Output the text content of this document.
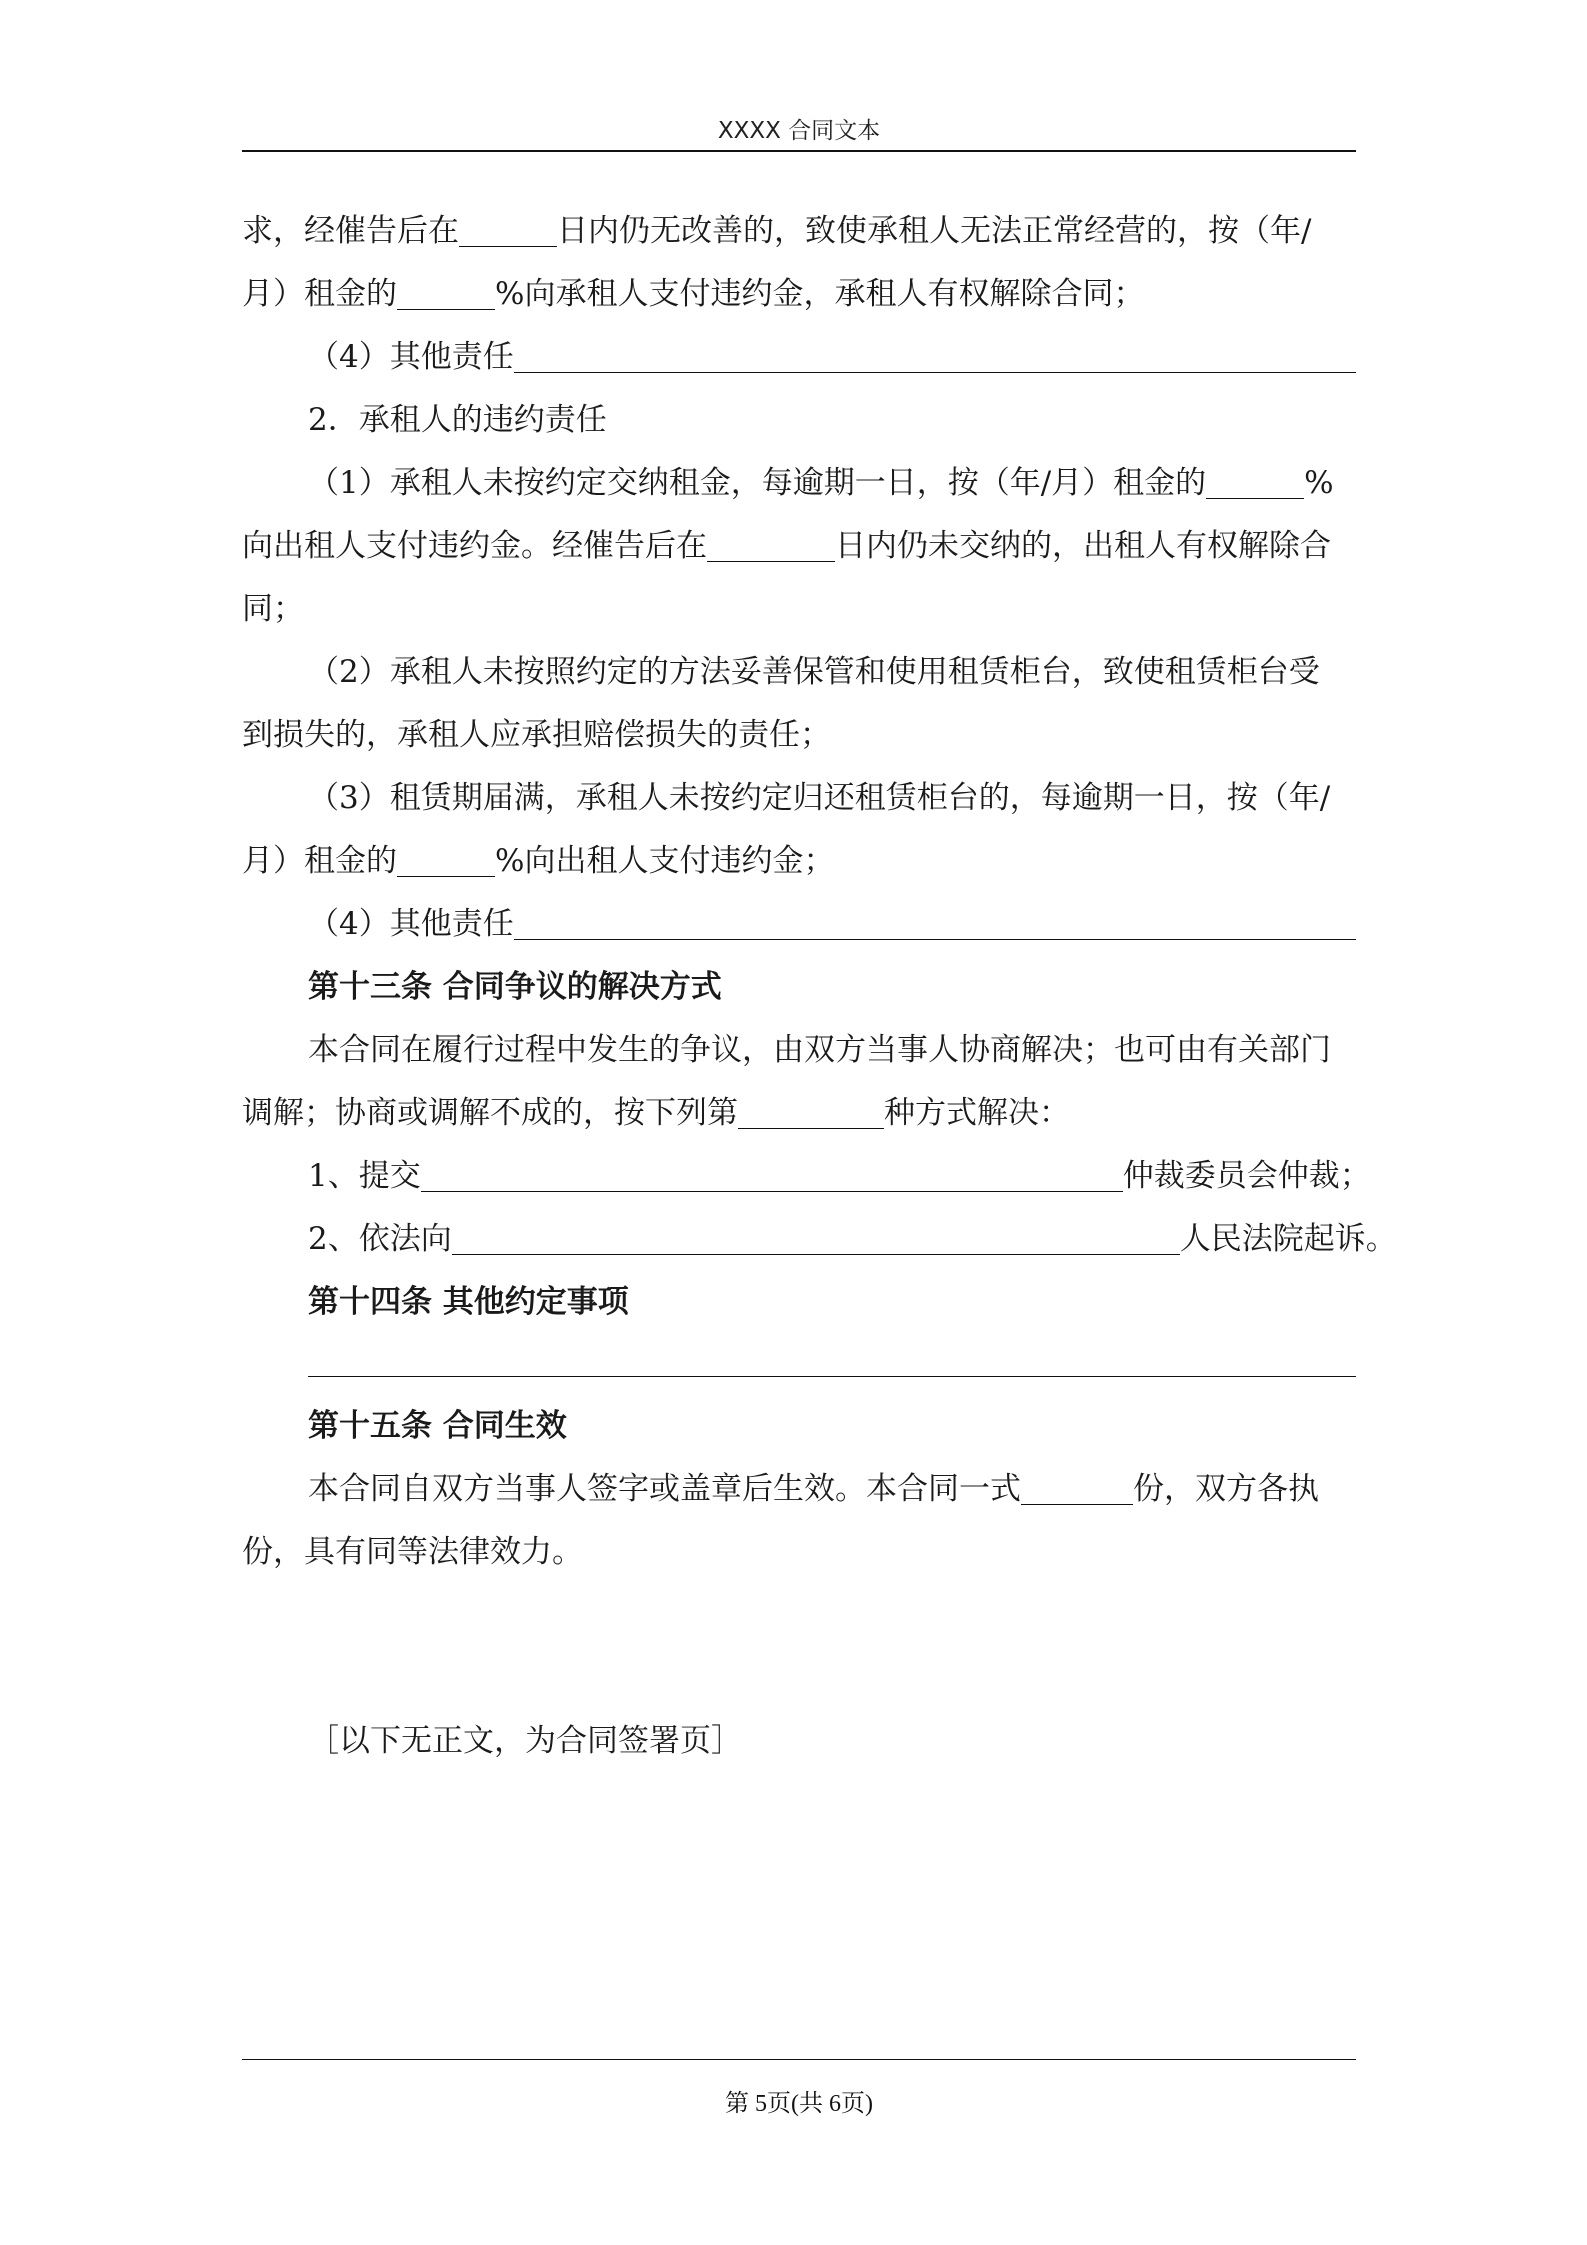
XXXX 合同文本

求，经催告后在	日内仍无改善的，致使承租人无法正常经营的，按（年/

月）租金的	%向承租人支付违约金，承租人有权解除合同；

（4）其他责任

2．承租人的违约责任

（1）承租人未按约定交纳租金，每逾期一日，按（年/月）租金的	%

向出租人支付违约金。经催告后在	日内仍未交纳的，出租人有权解除合

同；

（2）承租人未按照约定的方法妥善保管和使用租赁柜台，致使租赁柜台受

到损失的，承租人应承担赔偿损失的责任；

（3）租赁期届满，承租人未按约定归还租赁柜台的，每逾期一日，按（年/

月）租金的	%向出租人支付违约金；

（4）其他责任

第十三条 合同争议的解决方式

本合同在履行过程中发生的争议，由双方当事人协商解决；也可由有关部门

调解；协商或调解不成的，按下列第	种方式解决：

1、提交	仲裁委员会仲裁；

2、依法向	人民法院起诉。

第十四条 其他约定事项

第十五条 合同生效

本合同自双方当事人签字或盖章后生效。本合同一式	份，双方各执

份，具有同等法律效力。

［以下无正文，为合同签署页］

第 5页(共 6页)
